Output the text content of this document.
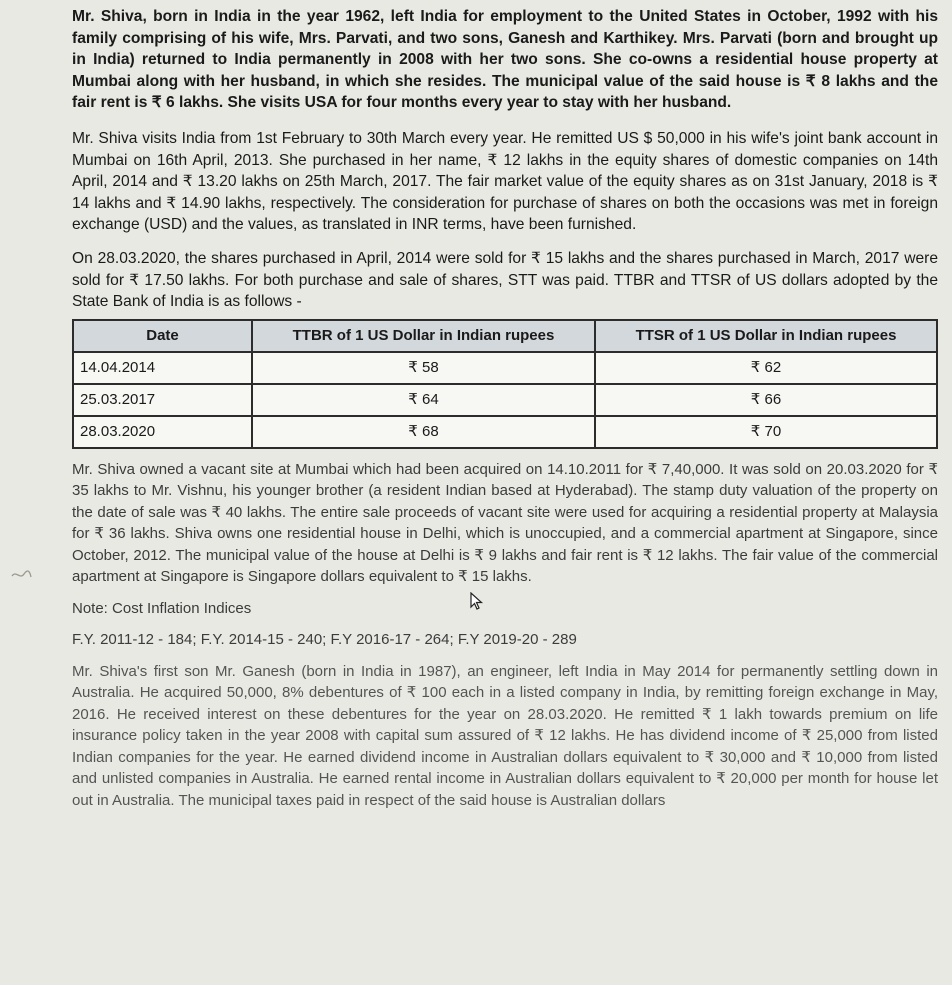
Mr. Shiva, born in India in the year 1962, left India for employment to the United States in October, 1992 with his family comprising of his wife, Mrs. Parvati, and two sons, Ganesh and Karthikey. Mrs. Parvati (born and brought up in India) returned to India permanently in 2008 with her two sons. She co-owns a residential house property at Mumbai along with her husband, in which she resides. The municipal value of the said house is ₹ 8 lakhs and the fair rent is ₹ 6 lakhs. She visits USA for four months every year to stay with her husband.

Mr. Shiva visits India from 1st February to 30th March every year. He remitted US $ 50,000 in his wife's joint bank account in Mumbai on 16th April, 2013. She purchased in her name, ₹ 12 lakhs in the equity shares of domestic companies on 14th April, 2014 and ₹ 13.20 lakhs on 25th March, 2017. The fair market value of the equity shares as on 31st January, 2018 is ₹ 14 lakhs and ₹ 14.90 lakhs, respectively. The consideration for purchase of shares on both the occasions was met in foreign exchange (USD) and the values, as translated in INR terms, have been furnished.

On 28.03.2020, the shares purchased in April, 2014 were sold for ₹ 15 lakhs and the shares purchased in March, 2017 were sold for ₹ 17.50 lakhs. For both purchase and sale of shares, STT was paid. TTBR and TTSR of US dollars adopted by the State Bank of India is as follows -

Date	TTBR of 1 US Dollar in Indian rupees	TTSR of 1 US Dollar in Indian rupees
14.04.2014	₹ 58	₹ 62
25.03.2017	₹ 64	₹ 66
28.03.2020	₹ 68	₹ 70

Mr. Shiva owned a vacant site at Mumbai which had been acquired on 14.10.2011 for ₹ 7,40,000. It was sold on 20.03.2020 for ₹ 35 lakhs to Mr. Vishnu, his younger brother (a resident Indian based at Hyderabad). The stamp duty valuation of the property on the date of sale was ₹ 40 lakhs. The entire sale proceeds of vacant site were used for acquiring a residential property at Malaysia for ₹ 36 lakhs. Shiva owns one residential house in Delhi, which is unoccupied, and a commercial apartment at Singapore, since October, 2012. The municipal value of the house at Delhi is ₹ 9 lakhs and fair rent is ₹ 12 lakhs. The fair value of the commercial apartment at Singapore is Singapore dollars equivalent to ₹ 15 lakhs.

Note: Cost Inflation Indices

F.Y. 2011-12 - 184; F.Y. 2014-15 - 240; F.Y 2016-17 - 264; F.Y 2019-20 - 289

Mr. Shiva's first son Mr. Ganesh (born in India in 1987), an engineer, left India in May 2014 for permanently settling down in Australia. He acquired 50,000, 8% debentures of ₹ 100 each in a listed company in India, by remitting foreign exchange in May, 2016. He received interest on these debentures for the year on 28.03.2020. He remitted ₹ 1 lakh towards premium on life insurance policy taken in the year 2008 with capital sum assured of ₹ 12 lakhs. He has dividend income of ₹ 25,000 from listed Indian companies for the year. He earned dividend income in Australian dollars equivalent to ₹ 30,000 and ₹ 10,000 from listed and unlisted companies in Australia. He earned rental income in Australian dollars equivalent to ₹ 20,000 per month for house let out in Australia. The municipal taxes paid in respect of the said house is Australian dollars
